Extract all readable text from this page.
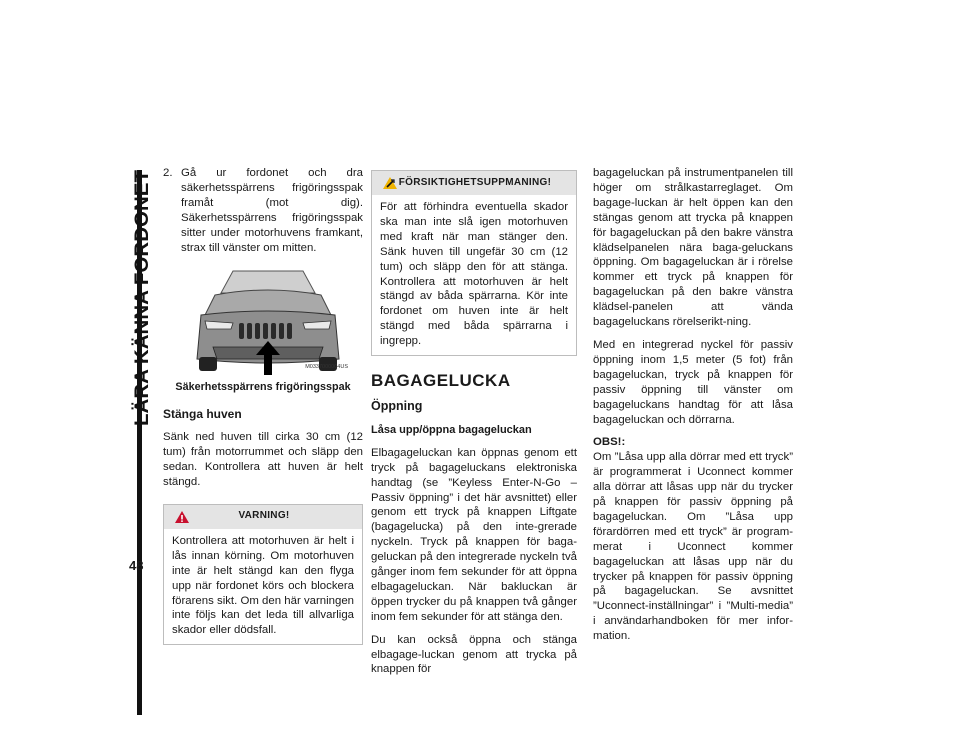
LÄRA KÄNNA FORDONET
48
2. Gå ur fordonet och dra säkerhetsspärrens frigöringsspak framåt (mot dig). Säkerhetsspärrens frigöringsspak sitter under motorhuvens framkant, strax till vänster om mitten.
M0337000004US
Säkerhetsspärrens frigöringsspak
Stänga huven

Sänk ned huven till cirka 30 cm (12 tum) från motorrummet och släpp den sedan. Kontrollera att huven är helt stängd.

VARNING!
Kontrollera att motorhuven är helt i lås innan körning. Om motorhuven inte är helt stängd kan den flyga upp när fordonet körs och blockera förarens sikt. Om den här varningen inte följs kan det leda till allvarliga skador eller dödsfall.
FÖRSIKTIGHETSUPPMANING!
För att förhindra eventuella skador ska man inte slå igen motorhuven med kraft när man stänger den. Sänk huven till ungefär 30 cm (12 tum) och släpp den för att stänga. Kontrollera att motorhuven är helt stängd av båda spärrarna. Kör inte fordonet om huven inte är helt stängd med båda spärrarna i ingrepp.
BAGAGELUCKA
Öppning
Låsa upp/öppna bagageluckan

Elbagageluckan kan öppnas genom ett tryck på bagageluckans elektroniska handtag (se ”Keyless Enter-N-Go – Passiv öppning” i det här avsnittet) eller genom ett tryck på knappen Liftgate (bagagelucka) på den inte-grerade nyckeln. Tryck på knappen för baga-geluckan på den integrerade nyckeln två gånger inom fem sekunder för att öppna elbagageluckan. När bakluckan är öppen trycker du på knappen två gånger inom fem sekunder för att stänga den.

Du kan också öppna och stänga elbagage-luckan genom att trycka på knappen för

bagageluckan på instrumentpanelen till höger om strålkastarreglaget. Om bagage-luckan är helt öppen kan den stängas genom att trycka på knappen för bagageluckan på den bakre vänstra klädselpanelen nära baga-geluckans öppning. Om bagageluckan är i rörelse kommer ett tryck på knappen för bagageluckan på den bakre vänstra klädsel-panelen att vända bagageluckans rörelserikt-ning.

Med en integrerad nyckel för passiv öppning inom 1,5 meter (5 fot) från bagageluckan, tryck på knappen för passiv öppning till vänster om bagageluckans handtag för att låsa bagageluckan och dörrarna.

OBS!:

Om ”Låsa upp alla dörrar med ett tryck” är programmerat i Uconnect kommer alla dörrar att låsas upp när du trycker på knappen för passiv öppning på bagageluckan. Om ”Låsa upp förardörren med ett tryck” är program-merat i Uconnect kommer bagageluckan att låsas upp när du trycker på knappen för passiv öppning på bagageluckan. Se avsnittet ”Uconnect-inställningar” i ”Multi-media” i användarhandboken för mer infor-mation.
